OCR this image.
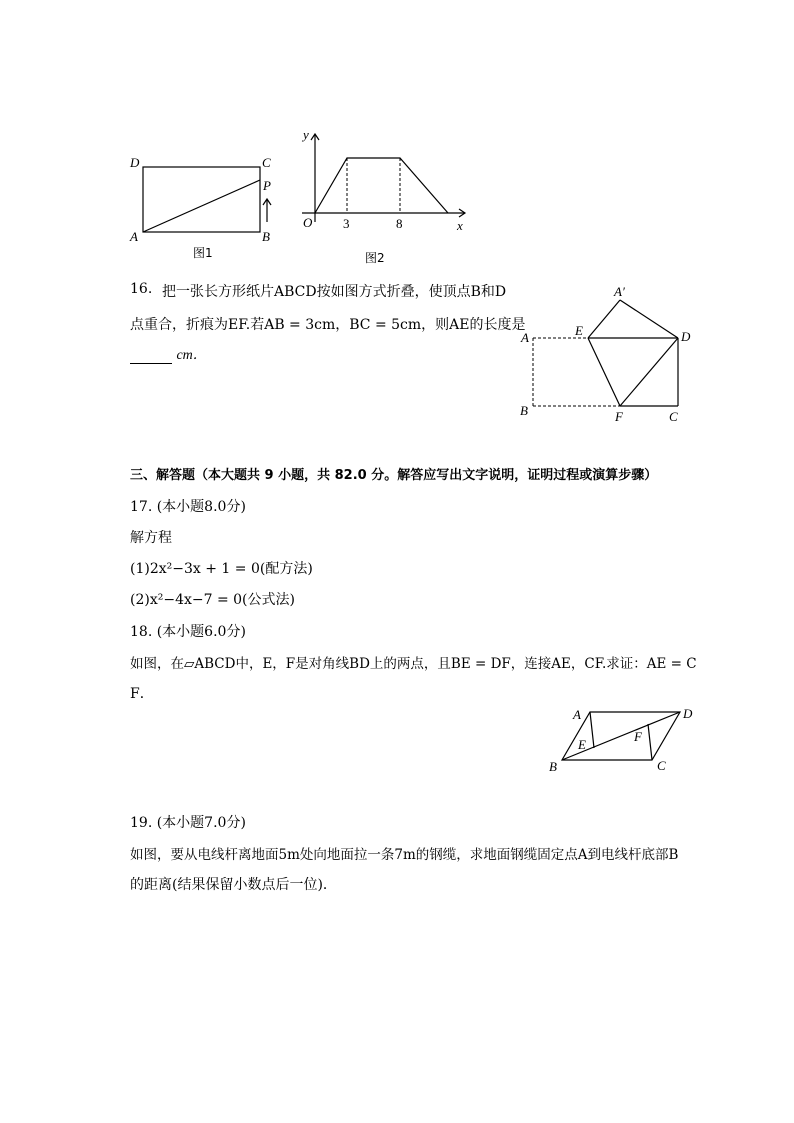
D	C
P
A	B
图1
y
x
O 3	8
图2
16. 把一张长方形纸片ABCD按如图方式折叠，使顶点B和D
点重合，折痕为EF.若AB = 3cm，BC = 5cm，则AE的长度是
cm．
A′
E	D
A
B	F	C
三、解答题（本大题共 9 小题，共 82.0 分。解答应写出文字说明，证明过程或演算步骤）
17. (本小题8.0分)
解方程
(1)2x²−3x + 1 = 0(配方法)
(2)x²−4x−7 = 0(公式法)
18. (本小题6.0分)
如图，在▱ABCD中，E，F是对角线BD上的两点，且BE = DF，连接AE，CF.求证：AE = C
F．
A	D
E
F
B	C
19. (本小题7.0分)
如图，要从电线杆离地面5m处向地面拉一条7m的钢缆，求地面钢缆固定点A到电线杆底部B
的距离(结果保留小数点后一位)．
